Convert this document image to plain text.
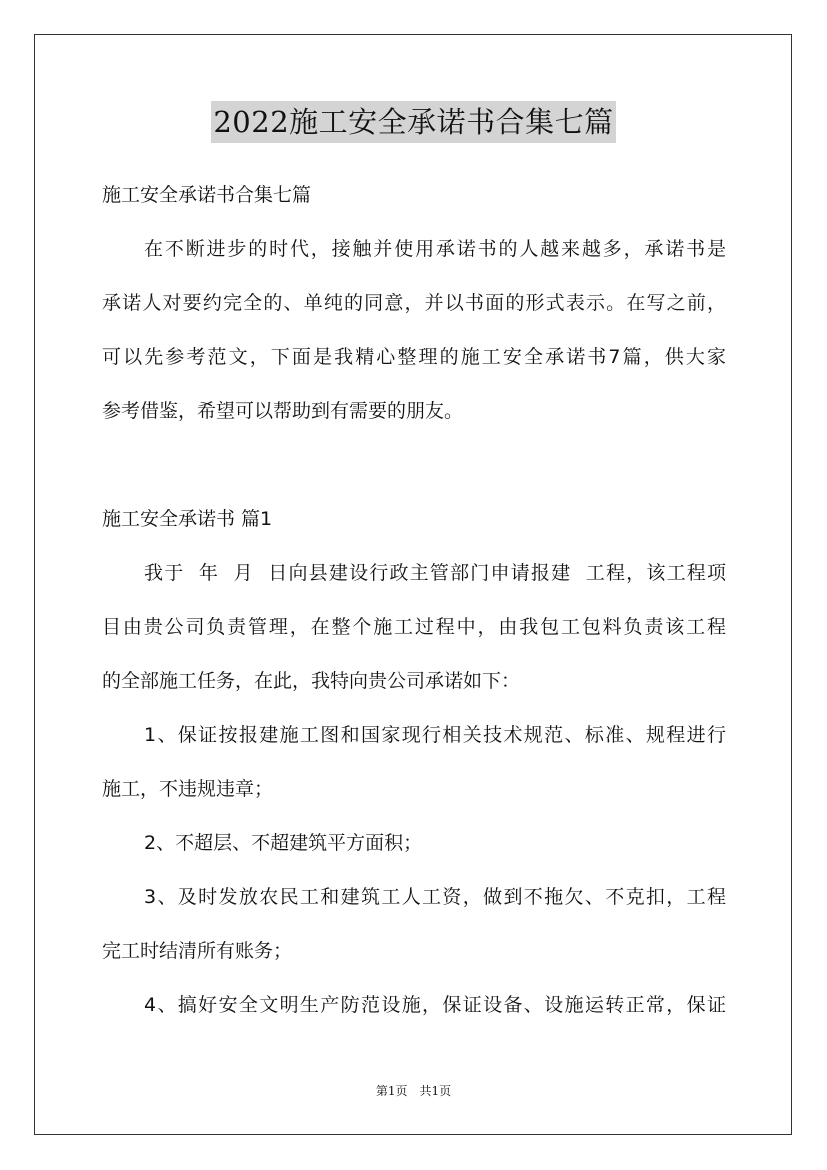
2022施工安全承诺书合集七篇
施工安全承诺书合集七篇
在不断进步的时代，接触并使用承诺书的人越来越多，承诺书是
承诺人对要约完全的、单纯的同意，并以书面的形式表示。在写之前，
可以先参考范文，下面是我精心整理的施工安全承诺书7篇，供大家
参考借鉴，希望可以帮助到有需要的朋友。
施工安全承诺书 篇1
我于  年  月  日向县建设行政主管部门申请报建  工程，该工程项
目由贵公司负责管理，在整个施工过程中，由我包工包料负责该工程
的全部施工任务，在此，我特向贵公司承诺如下：
1、保证按报建施工图和国家现行相关技术规范、标准、规程进行
施工，不违规违章；
2、不超层、不超建筑平方面积；
3、及时发放农民工和建筑工人工资，做到不拖欠、不克扣，工程
完工时结清所有账务；
4、搞好安全文明生产防范设施，保证设备、设施运转正常，保证
第1页 共1页
